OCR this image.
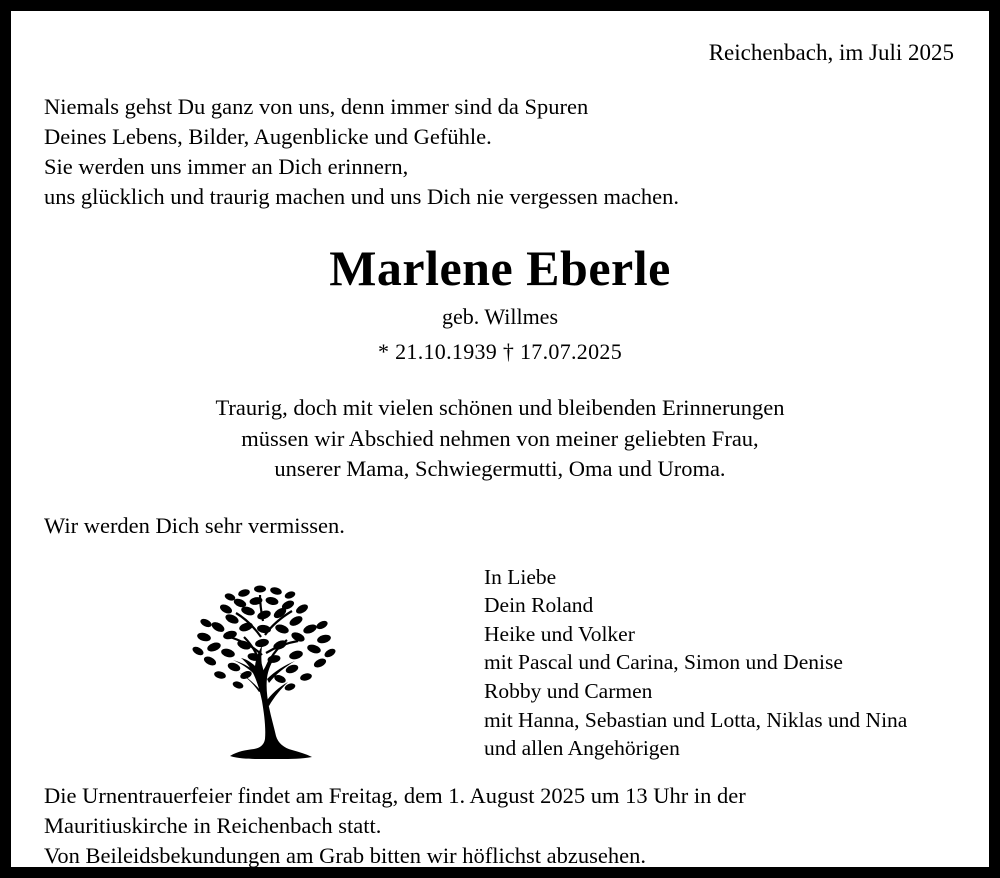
Reichenbach, im Juli 2025
Niemals gehst Du ganz von uns, denn immer sind da Spuren
Deines Lebens, Bilder, Augenblicke und Gefühle.
Sie werden uns immer an Dich erinnern,
uns glücklich und traurig machen und uns Dich nie vergessen machen.
Marlene Eberle
geb. Willmes
* 21.10.1939 † 17.07.2025
Traurig, doch mit vielen schönen und bleibenden Erinnerungen
müssen wir Abschied nehmen von meiner geliebten Frau,
unserer Mama, Schwiegermutti, Oma und Uroma.
Wir werden Dich sehr vermissen.
In Liebe
Dein Roland
Heike und Volker
mit Pascal und Carina, Simon und Denise
Robby und Carmen
mit Hanna, Sebastian und Lotta, Niklas und Nina
und allen Angehörigen
Die Urnentrauerfeier findet am Freitag, dem 1. August 2025 um 13 Uhr in der
Mauritiuskirche in Reichenbach statt.
Von Beileidsbekundungen am Grab bitten wir höflichst abzusehen.
